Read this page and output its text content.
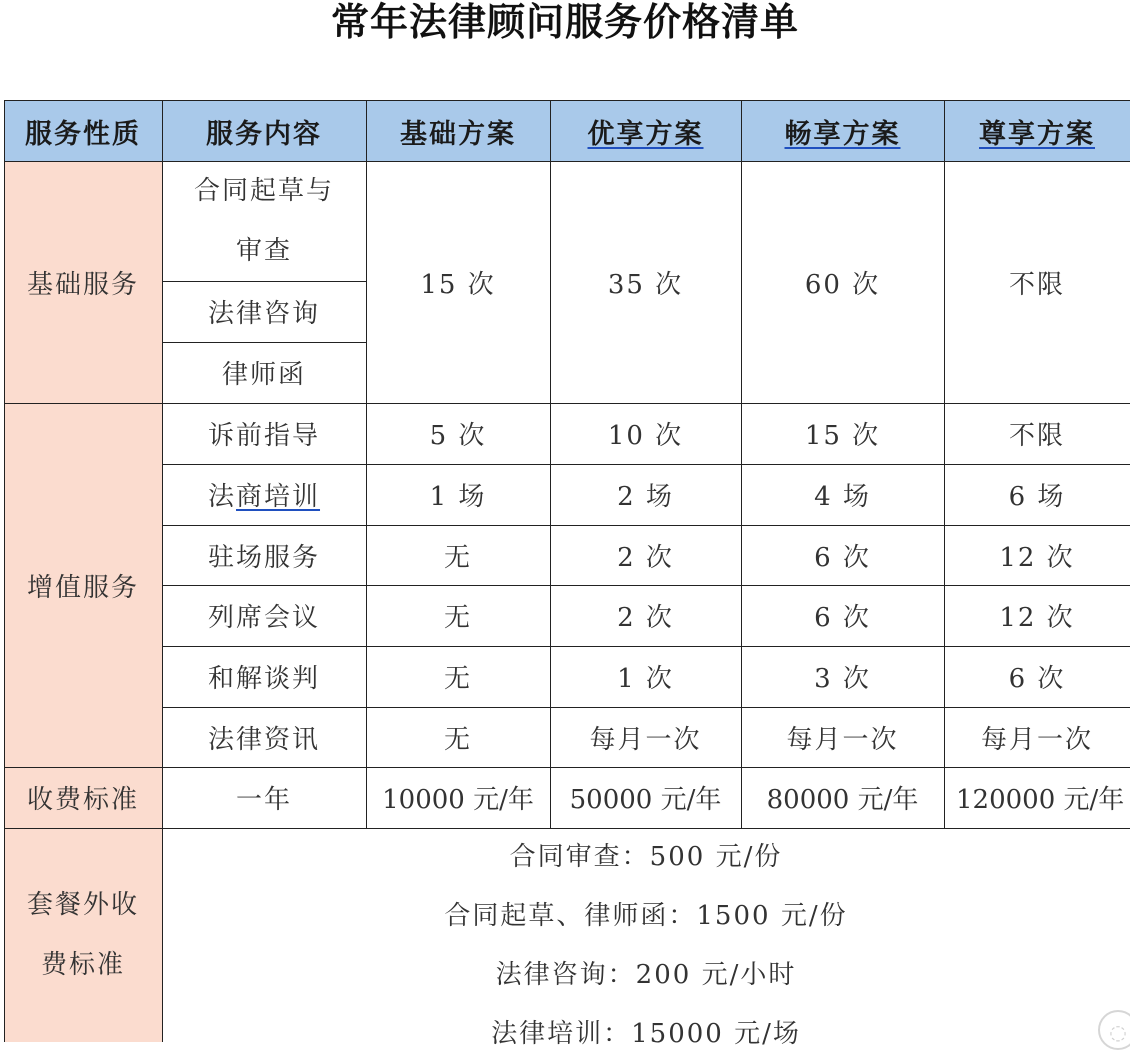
常年法律顾问服务价格清单
服务性质	服务内容	基础方案	优享方案	畅享方案	尊享方案
基础服务
合同起草与审查
法律咨询
律师函
15 次	35 次	60 次	不限
增值服务
诉前指导	5 次	10 次	15 次	不限
法 商培训	1 场	2 场	4 场	6 场
驻场服务	无	2 次	6 次	12 次
列席会议	无	2 次	6 次	12 次
和解谈判	无	1 次	3 次	6 次
法律资讯	无	每月一次	每月一次	每月一次
收费标准	一年	10000 元/年	50000 元/年	80000 元/年	120000 元/年
套餐外收费标准
合同审查：500 元/份
合同起草、律师函：1500 元/份
法律咨询：200 元/小时
法律培训：15000 元/场	◌
